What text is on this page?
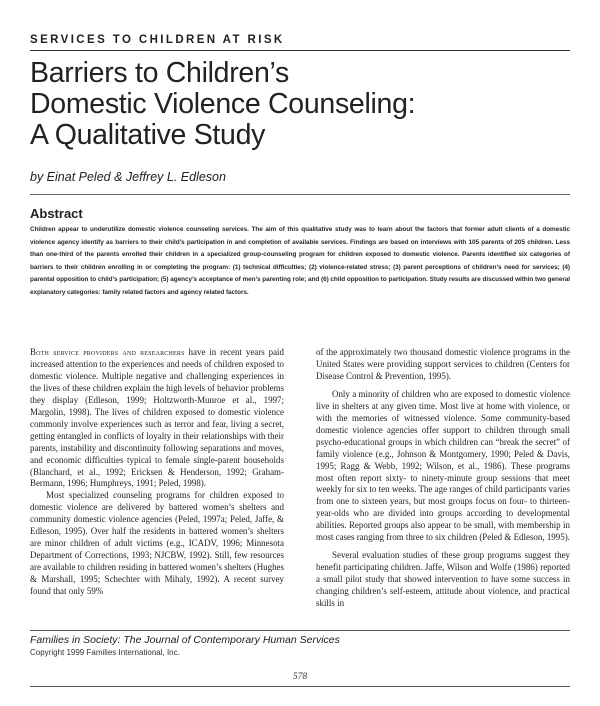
SERVICES TO CHILDREN AT RISK
Barriers to Children’s
Domestic Violence Counseling:
A Qualitative Study
by Einat Peled & Jeffrey L. Edleson
Abstract
Children appear to underutilize domestic violence counseling services. The aim of this qualitative study was to learn about the factors that former adult clients of a domestic violence agency identify as barriers to their child’s participation in and completion of available services. Findings are based on interviews with 105 parents of 205 children. Less than one-third of the parents enrolled their children in a specialized group-counseling program for children exposed to domestic violence. Parents identified six categories of barriers to their children enrolling in or completing the program: (1) technical difficulties; (2) violence-related stress; (3) parent perceptions of children’s need for services; (4) parental opposition to child’s participation; (5) agency’s acceptance of men’s parenting role; and (6) child opposition to participation. Study results are discussed within two general explanatory categories: family related factors and agency related factors.

Both service providers and researchers have in recent years paid increased attention to the experiences and needs of children exposed to domestic violence. Multiple negative and challenging experiences in the lives of these children explain the high levels of behavior problems they display (Edleson, 1999; Holtzworth-Munroe et al., 1997; Margolin, 1998). The lives of children exposed to domestic violence commonly involve experiences such as terror and fear, living a secret, getting entangled in conflicts of loyalty in their relationships with their parents, instability and discontinuity following separations and moves, and economic difficulties typical to female single-parent households (Blanchard, et al., 1992; Ericksen & Henderson, 1992; Graham-Bermann, 1996; Humphreys, 1991; Peled, 1998).

Most specialized counseling programs for children exposed to domestic violence are delivered by battered women’s shelters and community domestic violence agencies (Peled, 1997a; Peled, Jaffe, & Edleson, 1995). Over half the residents in battered women’s shelters are minor children of adult victims (e.g., ICADV, 1996; Minnesota Department of Corrections, 1993; NJCBW, 1992). Still, few resources are available to children residing in battered women’s shelters (Hughes & Marshall, 1995; Schechter with Mihaly, 1992). A recent survey found that only 59%

of the approximately two thousand domestic violence programs in the United States were providing support services to children (Centers for Disease Control & Prevention, 1995).

Only a minority of children who are exposed to domestic violence live in shelters at any given time. Most live at home with violence, or with the memories of witnessed violence. Some community-based domestic violence agencies offer support to children through small psycho-educational groups in which children can “break the secret” of family violence (e.g., Johnson & Montgomery, 1990; Peled & Davis, 1995; Ragg & Webb, 1992; Wilson, et al., 1986). These programs most often report sixty- to ninety-minute group sessions that meet weekly for six to ten weeks. The age ranges of child participants varies from one to sixteen years, but most groups focus on four- to thirteen-year-olds who are divided into groups according to developmental abilities. Reported groups also appear to be small, with membership in most cases ranging from three to six children (Peled & Edleson, 1995).

Several evaluation studies of these group programs suggest they benefit participating children. Jaffe, Wilson and Wolfe (1986) reported a small pilot study that showed intervention to have some success in changing children’s self-esteem, attitude about violence, and practical skills in

Families in Society: The Journal of Contemporary Human Services
Copyright 1999 Families International, Inc.
578
